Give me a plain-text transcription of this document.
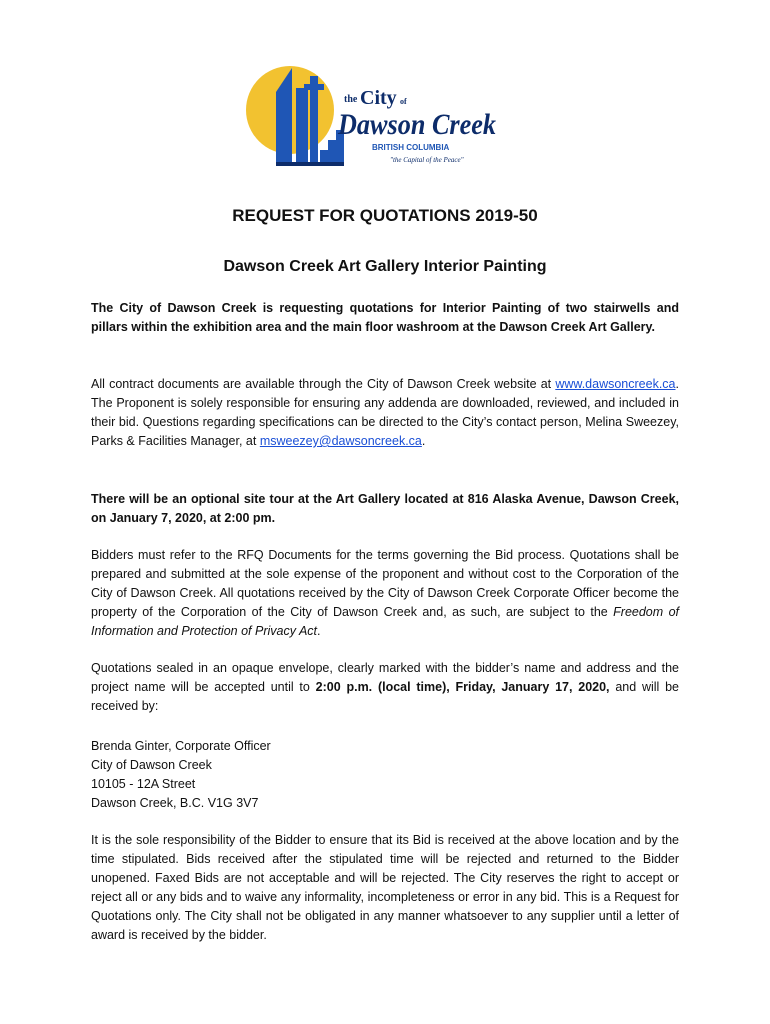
the City of
Dawson Creek
BRITISH COLUMBIA
"the Capital of the Peace"
REQUEST FOR QUOTATIONS 2019-50
Dawson Creek Art Gallery Interior Painting

The City of Dawson Creek is requesting quotations for Interior Painting of two stairwells and pillars within the exhibition area and the main floor washroom at the Dawson Creek Art Gallery.

All contract documents are available through the City of Dawson Creek website at www.dawsoncreek.ca. The Proponent is solely responsible for ensuring any addenda are downloaded, reviewed, and included in their bid. Questions regarding specifications can be directed to the City’s contact person, Melina Sweezey, Parks & Facilities Manager, at msweezey@dawsoncreek.ca.

There will be an optional site tour at the Art Gallery located at 816 Alaska Avenue, Dawson Creek, on January 7, 2020, at 2:00 pm.

Bidders must refer to the RFQ Documents for the terms governing the Bid process. Quotations shall be prepared and submitted at the sole expense of the proponent and without cost to the Corporation of the City of Dawson Creek. All quotations received by the City of Dawson Creek Corporate Officer become the property of the Corporation of the City of Dawson Creek and, as such, are subject to the Freedom of Information and Protection of Privacy Act.

Quotations sealed in an opaque envelope, clearly marked with the bidder’s name and address and the project name will be accepted until to 2:00 p.m. (local time), Friday, January 17, 2020, and will be received by:

Brenda Ginter, Corporate Officer
City of Dawson Creek
10105 - 12A Street
Dawson Creek, B.C. V1G 3V7

It is the sole responsibility of the Bidder to ensure that its Bid is received at the above location and by the time stipulated. Bids received after the stipulated time will be rejected and returned to the Bidder unopened. Faxed Bids are not acceptable and will be rejected. The City reserves the right to accept or reject all or any bids and to waive any informality, incompleteness or error in any bid. This is a Request for Quotations only. The City shall not be obligated in any manner whatsoever to any supplier until a letter of award is received by the bidder.
